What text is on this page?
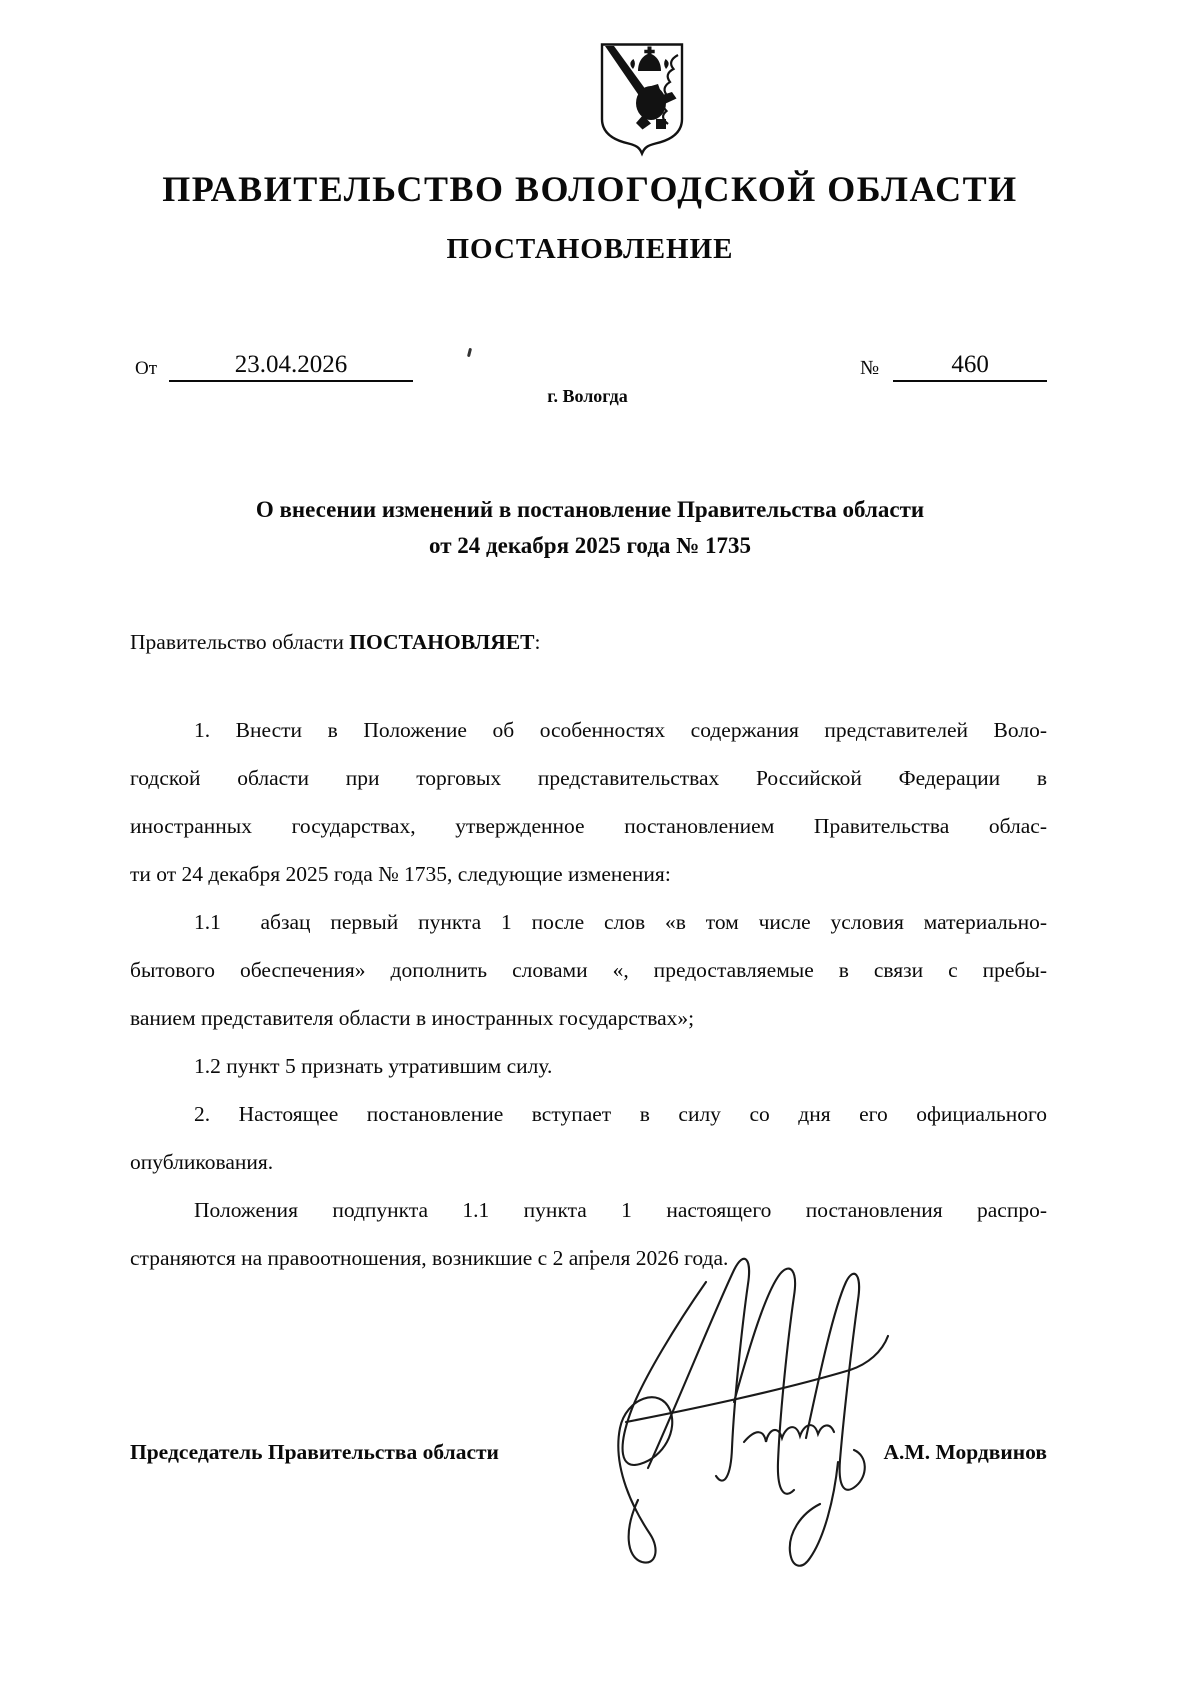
ПРАВИТЕЛЬСТВО ВОЛОГОДСКОЙ ОБЛАСТИ
ПОСТАНОВЛЕНИЕ
От	23.04.2026	№	460
г. Вологда
О внесении изменений в постановление Правительства области
от 24 декабря 2025 года № 1735
Правительство области ПОСТАНОВЛЯЕТ:
1. Внести в Положение об особенностях содержания представителей Воло-
годской области при торговых представительствах Российской Федерации в
иностранных государствах, утвержденное постановлением Правительства облас-
ти от 24 декабря 2025 года № 1735, следующие изменения:
1.1  абзац первый пункта 1 после слов «в том числе условия материально-
бытового обеспечения» дополнить словами «, предоставляемые в связи с пребы-
ванием представителя области в иностранных государствах»;
1.2 пункт 5 признать утратившим силу.
2. Настоящее постановление вступает в силу со дня его официального
опубликования.
Положения подпункта 1.1 пункта 1 настоящего постановления распро-
страняются на правоотношения, возникшие с 2 апреля 2026 года.
Председатель Правительства области	А.М. Мордвинов
